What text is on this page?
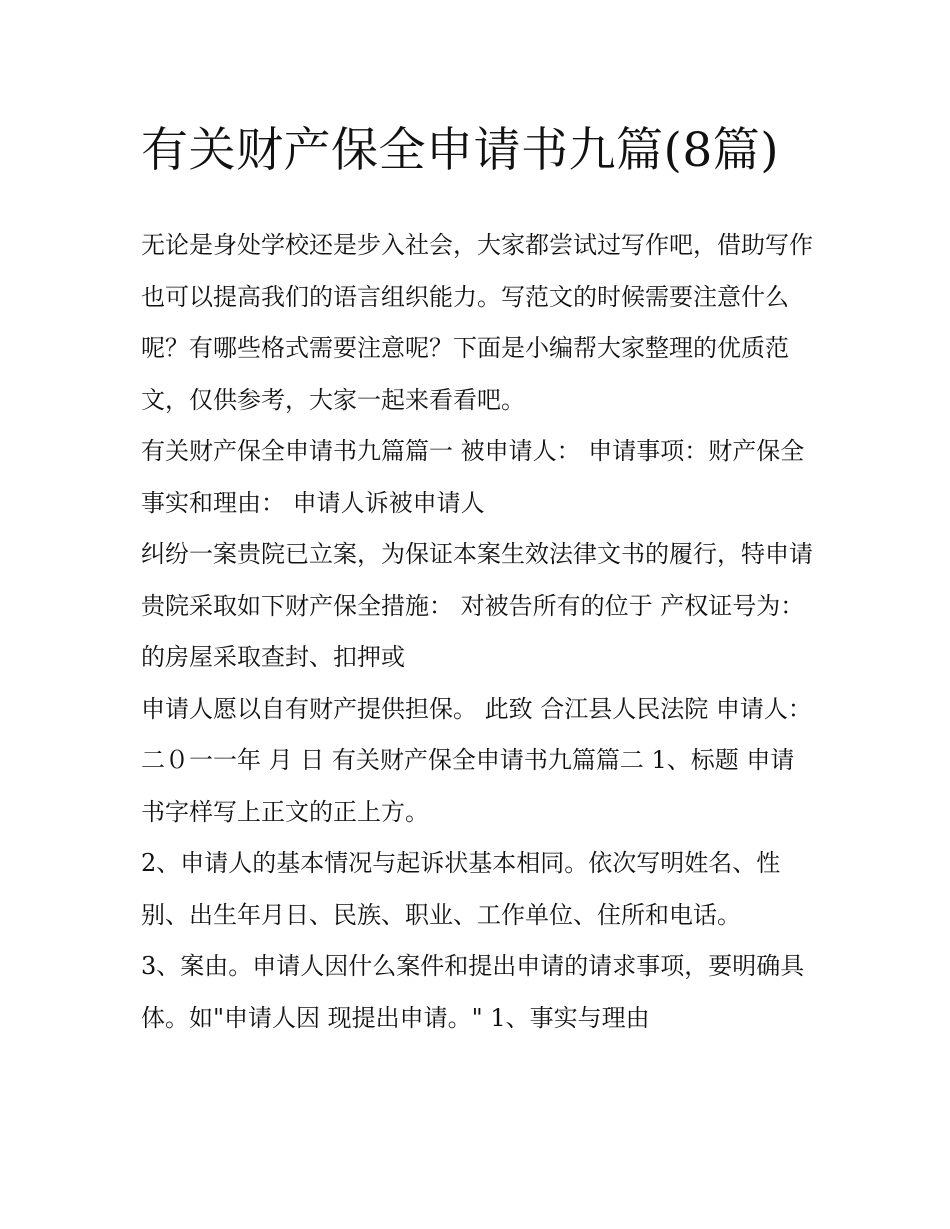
有关财产保全申请书九篇(8篇)

无论是身处学校还是步入社会，大家都尝试过写作吧，借助写作也可以提高我们的语言组织能力。写范文的时候需要注意什么呢？有哪些格式需要注意呢？下面是小编帮大家整理的优质范文，仅供参考，大家一起来看看吧。

有关财产保全申请书九篇篇一 被申请人： 申请事项：财产保全 事实和理由： 申请人诉被申请人

纠纷一案贵院已立案，为保证本案生效法律文书的履行，特申请贵院采取如下财产保全措施： 对被告所有的位于 产权证号为： 的房屋采取查封、扣押或

申请人愿以自有财产提供担保。 此致 合江县人民法院 申请人： 二０一一年 月 日 有关财产保全申请书九篇篇二 1、标题 申请书字样写上正文的正上方。

2、申请人的基本情况与起诉状基本相同。依次写明姓名、性别、出生年月日、民族、职业、工作单位、住所和电话。

3、案由。申请人因什么案件和提出申请的请求事项，要明确具体。如"申请人因 现提出申请。" 1、事实与理由
